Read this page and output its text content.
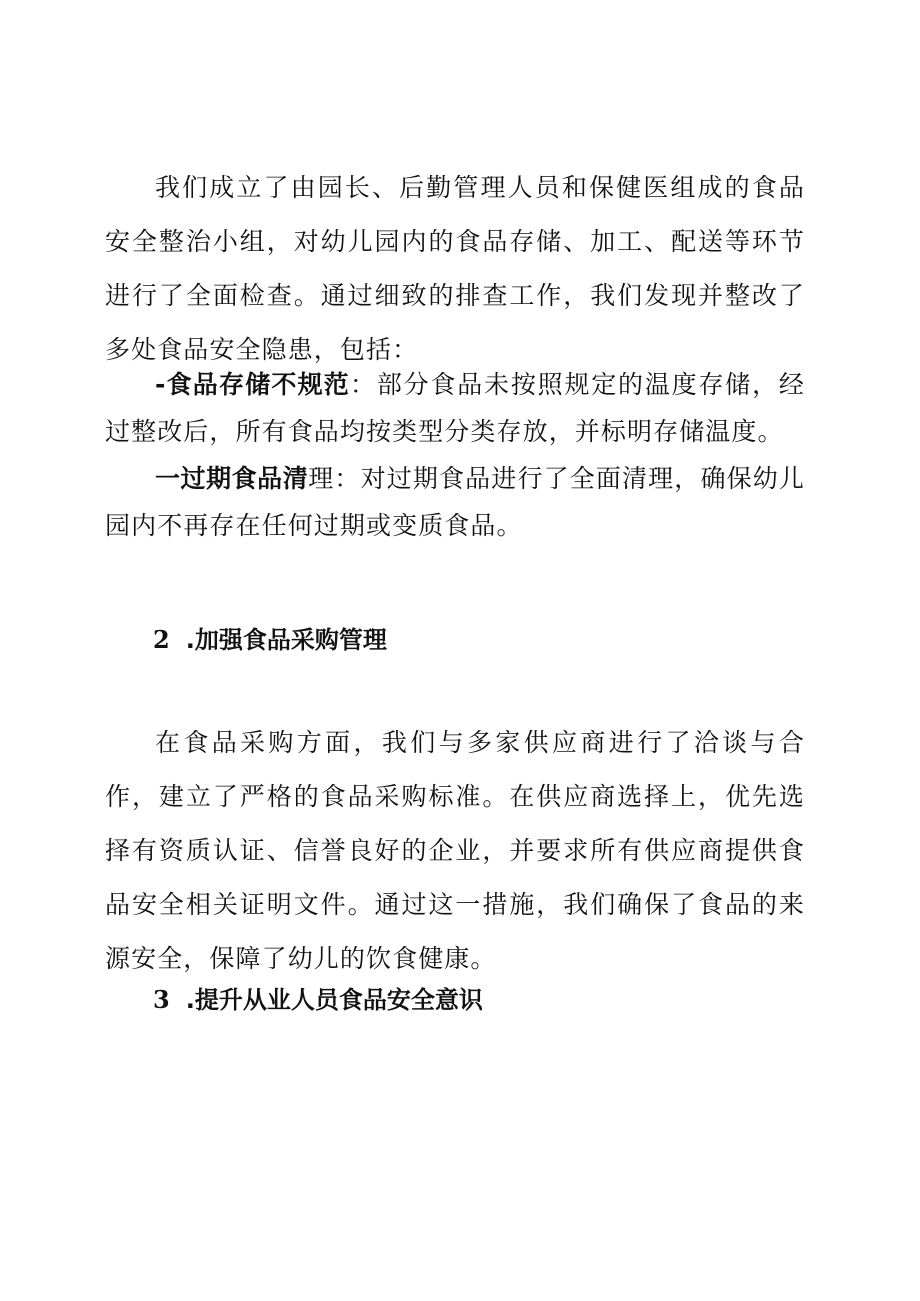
我们成立了由园长、后勤管理人员和保健医组成的食品安全整治小组，对幼儿园内的食品存储、加工、配送等环节进行了全面检查。通过细致的排查工作，我们发现并整改了多处食品安全隐患，包括：

-食品存储不规范：部分食品未按照规定的温度存储，经过整改后，所有食品均按类型分类存放，并标明存储温度。

一过期食品清理：对过期食品进行了全面清理，确保幼儿园内不再存在任何过期或变质食品。

2 .加强食品采购管理

在食品采购方面，我们与多家供应商进行了洽谈与合作，建立了严格的食品采购标准。在供应商选择上，优先选择有资质认证、信誉良好的企业，并要求所有供应商提供食品安全相关证明文件。通过这一措施，我们确保了食品的来源安全，保障了幼儿的饮食健康。

3 .提升从业人员食品安全意识
